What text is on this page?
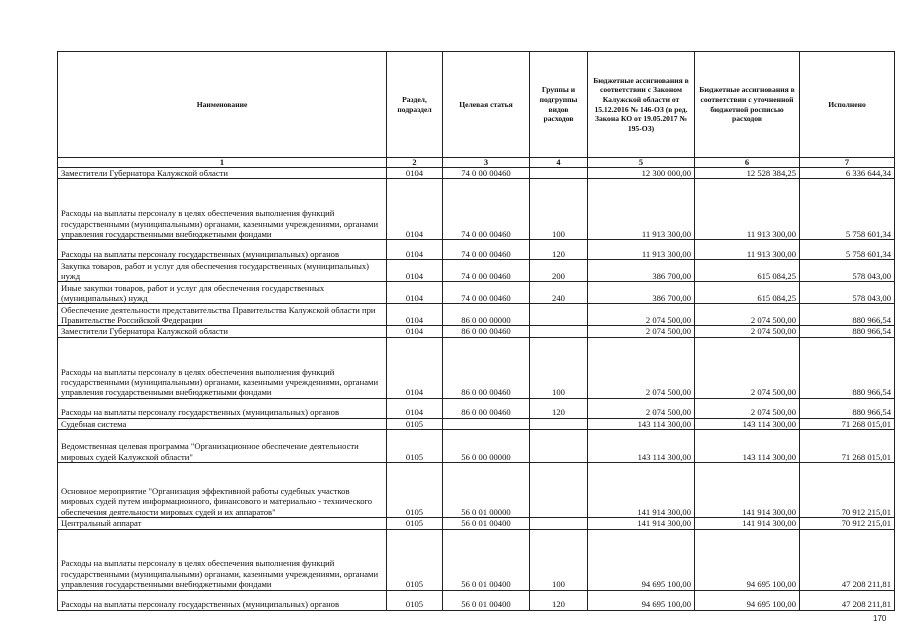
Наименование	Раздел, подраздел	Целевая статья	Группы и подгруппы видов расходов	Бюджетные ассигнования в соответствии с Законом Калужской области от 15.12.2016 № 146-ОЗ (в ред. Закона КО от 19.05.2017 № 195-ОЗ)	Бюджетные ассигнования в соответствии с уточненной бюджетной росписью расходов	Исполнено
1	2	3	4	5	6	7
Заместители Губернатора Калужской области	0104	74 0 00 00460		12 300 000,00	12 528 384,25	6 336 644,34
Расходы на выплаты персоналу в целях обеспечения выполнения функций государственными (муниципальными) органами, казенными учреждениями, органами управления государственными внебюджетными фондами	0104	74 0 00 00460	100	11 913 300,00	11 913 300,00	5 758 601,34
Расходы на выплаты персоналу государственных (муниципальных) органов	0104	74 0 00 00460	120	11 913 300,00	11 913 300,00	5 758 601,34
Закупка товаров, работ и услуг для обеспечения государственных (муниципальных) нужд	0104	74 0 00 00460	200	386 700,00	615 084,25	578 043,00
Иные закупки товаров, работ и услуг для обеспечения государственных (муниципальных) нужд	0104	74 0 00 00460	240	386 700,00	615 084,25	578 043,00
Обеспечение деятельности представительства Правительства Калужской области при Правительстве Российской Федерации	0104	86 0 00 00000		2 074 500,00	2 074 500,00	880 966,54
Заместители Губернатора Калужской области	0104	86 0 00 00460		2 074 500,00	2 074 500,00	880 966,54
Расходы на выплаты персоналу в целях обеспечения выполнения функций государственными (муниципальными) органами, казенными учреждениями, органами управления государственными внебюджетными фондами	0104	86 0 00 00460	100	2 074 500,00	2 074 500,00	880 966,54
Расходы на выплаты персоналу государственных (муниципальных) органов	0104	86 0 00 00460	120	2 074 500,00	2 074 500,00	880 966,54
Судебная система	0105			143 114 300,00	143 114 300,00	71 268 015,01
Ведомственная целевая программа "Организационное обеспечение деятельности мировых судей Калужской области"	0105	56 0 00 00000		143 114 300,00	143 114 300,00	71 268 015,01
Основное мероприятие "Организация эффективной работы судебных участков мировых судей путем информационного, финансового и материально - технического обеспечения деятельности мировых судей и их аппаратов"	0105	56 0 01 00000		141 914 300,00	141 914 300,00	70 912 215,01
Центральный аппарат	0105	56 0 01 00400		141 914 300,00	141 914 300,00	70 912 215,01
Расходы на выплаты персоналу в целях обеспечения выполнения функций государственными (муниципальными) органами, казенными учреждениями, органами управления государственными внебюджетными фондами	0105	56 0 01 00400	100	94 695 100,00	94 695 100,00	47 208 211,81
Расходы на выплаты персоналу государственных (муниципальных) органов	0105	56 0 01 00400	120	94 695 100,00	94 695 100,00	47 208 211,81
170
